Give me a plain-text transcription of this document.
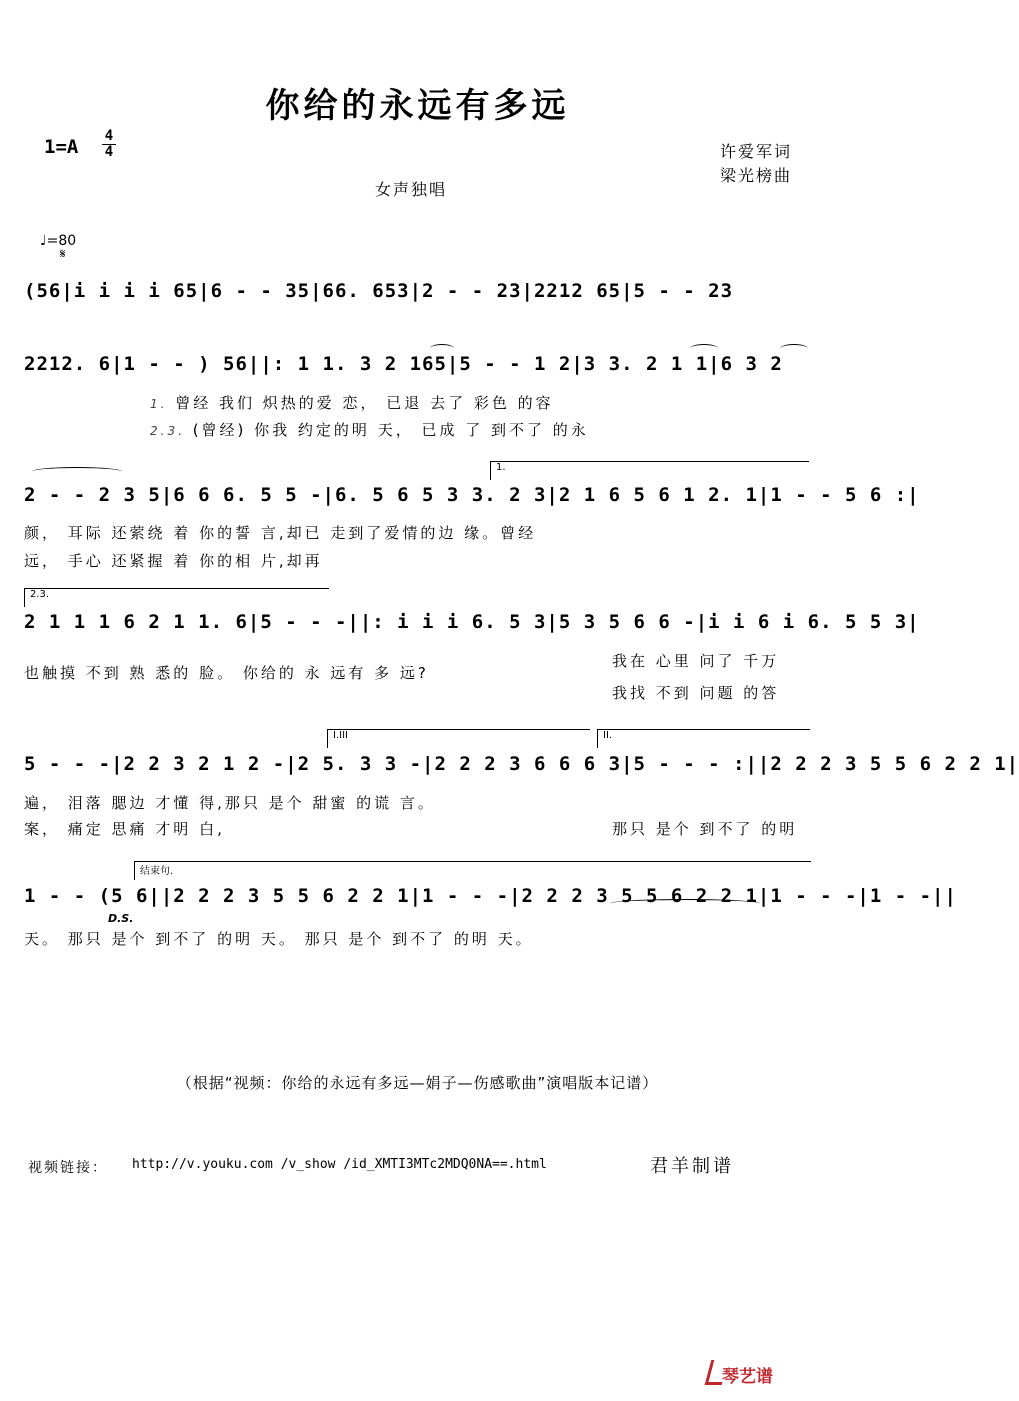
你给的永远有多远
1=A 4
4	许爱军词
梁光榜曲
女声独唱
♩=80
𝄋
(56|i i i i 65|6 - - 35|66. 653|2 - - 23|2212 65|5 - - 23
2212. 6|1 - - ) 56||: 1 1. 3 2 165|5 - - 1 2|3 3. 2 1 1|6 3 2
2 - - 2 3 5|6 6 6. 5 5 -|6. 5 6 5 3 3. 2 3|2 1 6 5 6 1 2. 1|1 - - 5 6 :|
2 1 1 1 6 2 1 1. 6|5 - - -||: i i i 6. 5 3|5 3 5 6 6 -|i i 6 i 6. 5 5 3|
5 - - -|2 2 3 2 1 2 -|2 5. 3 3 -|2 2 2 3 6 6 6 3|5 - - - :||2 2 2 3 5 5 6 2 2 1|
1 - - (5 6||2 2 2 3 5 5 6 2 2 1|1 - - -|2 2 2 3 5 5 6 2 2 1|1 - - -|1 - -||
1.
2.3.
I.III	II.
结束句.
D.S.
1. 曾经 我们 炽热的爱 恋， 已退 去了 彩色 的容
2.3. (曾经) 你我 约定的明 天， 已成 了 到不了 的永
颜， 耳际 还萦绕 着 你的誓 言,却已 走到了爱情的边 缘。曾经
远， 手心 还紧握 着 你的相 片,却再
也触摸 不到 熟 悉的 脸。 你给的 永 远有 多 远?
我在 心里 问了 千万
我找 不到 问题 的答
遍， 泪落 腮边 才懂 得,那只 是个 甜蜜 的谎 言。
案， 痛定 思痛 才明 白,	那只 是个 到不了 的明
天。 那只 是个 到不了 的明 天。 那只 是个 到不了 的明 天。
（根据“视频：你给的永远有多远—娟子—伤感歌曲”演唱版本记谱）
视频链接： http://v.youku.com /v_show /id_XMTI3MTc2MDQ0NA==.html	君羊制谱
琴艺谱
